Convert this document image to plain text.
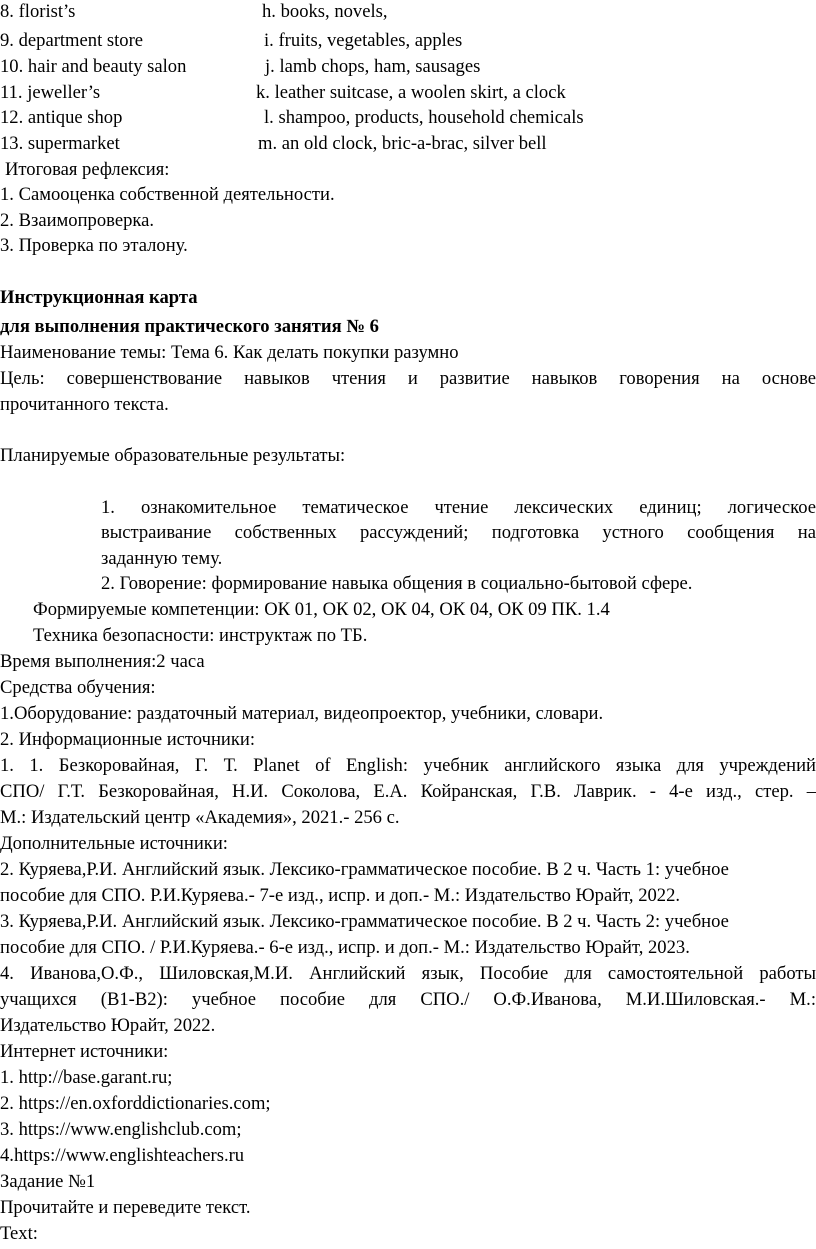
8. florist’s
9. department store
10. hair and beauty salon
11. jeweller’s
12. antique shop
13. supermarket
h. books, novels,
i. fruits, vegetables, apples
j. lamb chops, ham, sausages
k. leather suitcase, a woolen skirt, a clock
l. shampoo, products, household chemicals
m. an old clock, bric-a-brac, silver bell
Итоговая рефлексия:
1. Самооценка собственной деятельности.
2. Взаимопроверка.
3. Проверка по эталону.
Инструкционная карта
для выполнения практического занятия № 6
Наименование темы: Тема 6. Как делать покупки разумно
Цель: совершенствование навыков чтения и развитие навыков говорения на основе
прочитанного текста.
Планируемые образовательные результаты:
1. ознакомительное тематическое чтение лексических единиц; логическое
выстраивание собственных рассуждений; подготовка устного сообщения на
заданную тему.
2. Говорение: формирование навыка общения в социально-бытовой сфере.
Формируемые компетенции: ОК 01, ОК 02, ОК 04, ОК 04, ОК 09 ПК. 1.4
Техника безопасности: инструктаж по ТБ.
Время выполнения:2 часа
Средства обучения:
1.Оборудование: раздаточный материал, видеопроектор, учебники, словари.
2. Информационные источники:
1. 1. Безкоровайная, Г. Т. Planet of English: учебник английского языка для учреждений
СПО/ Г.Т. Безкоровайная, Н.И. Соколова, Е.А. Койранская, Г.В. Лаврик. - 4-е изд., стер. –
М.: Издательский центр «Академия», 2021.- 256 с.
Дополнительные источники:
2. Куряева,Р.И. Английский язык. Лексико-грамматическое пособие. В 2 ч. Часть 1: учебное
пособие для СПО. Р.И.Куряева.- 7-е изд., испр. и доп.- М.: Издательство Юрайт, 2022.
3. Куряева,Р.И. Английский язык. Лексико-грамматическое пособие. В 2 ч. Часть 2: учебное
пособие для СПО. / Р.И.Куряева.- 6-е изд., испр. и доп.- М.: Издательство Юрайт, 2023.
4. Иванова,О.Ф., Шиловская,М.И. Английский язык, Пособие для самостоятельной работы
учащихся (В1-В2): учебное пособие для СПО./ О.Ф.Иванова, М.И.Шиловская.- М.:
Издательство Юрайт, 2022.
Интернет источники:
1. http://base.garant.ru;
2. https://en.oxforddictionaries.com;
3. https://www.englishclub.com;
4.https://www.englishteachers.ru
Задание №1
Прочитайте и переведите текст.
Text:
